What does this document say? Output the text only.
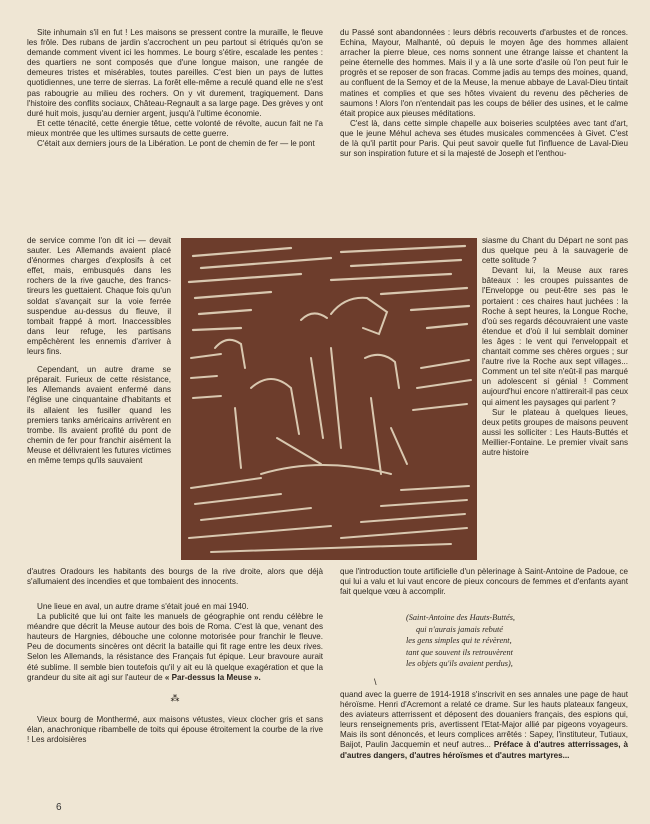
Site inhumain s'il en fut ! Les maisons se pressent contre la muraille, le fleuve les frôle. Des rubans de jardin s'accrochent un peu partout si étriqués qu'on se demande comment vivent ici les hommes. Le bourg s'étire, escalade les pentes : des quartiers ne sont composés que d'une longue maison, une rangée de demeures tristes et misérables, toutes pareilles. C'est bien un pays de luttes quotidiennes, une terre de sierras. La forêt elle-même a reculé quand elle ne s'est pas rabougrie au milieu des rochers. On y vit durement, tragiquement. Dans l'histoire des conflits sociaux, Château-Regnault a sa large page. Des grèves y ont duré huit mois, jusqu'au dernier argent, jusqu'à l'ultime économie.

Et cette ténacité, cette énergie têtue, cette volonté de révolte, aucun fait ne l'a mieux montrée que les ultimes sursauts de cette guerre.

C'était aux derniers jours de la Libération. Le pont de chemin de fer — le pont

du Passé sont abandonnées : leurs débris recouverts d'arbustes et de ronces. Echina, Mayour, Malhanté, où depuis le moyen âge des hommes allaient arracher la pierre bleue, ces noms sonnent une étrange laisse et chantent la peine éternelle des hommes. Mais il y a là une sorte d'asile où l'on peut fuir le progrès et se reposer de son fracas. Comme jadis au temps des moines, quand, au confluent de la Semoy et de la Meuse, la menue abbaye de Laval-Dieu tintait matines et complies et que ses hôtes vivaient du revenu des pêcheries de saumons ! Alors l'on n'entendait pas les coups de bélier des usines, et le calme était propice aux pieuses méditations.

C'est là, dans cette simple chapelle aux boiseries sculptées avec tant d'art, que le jeune Méhul acheva ses études musicales commencées à Givet. C'est de là qu'il partit pour Paris. Qui peut savoir quelle fut l'influence de Laval-Dieu sur son inspiration future et si la majesté de Joseph et l'enthou-

de service comme l'on dit ici — devait sauter. Les Allemands avaient placé d'énormes charges d'explosifs à cet effet, mais, embusqués dans les rochers de la rive gauche, des francs-tireurs les guettaient. Chaque fois qu'un soldat s'avançait sur la voie ferrée suspendue au-dessus du fleuve, il tombait frappé à mort. Inaccessibles dans leur refuge, les partisans empêchèrent les ennemis d'arriver à leurs fins.

Cependant, un autre drame se préparait. Furieux de cette résistance, les Allemands avaient enfermé dans l'église une cinquantaine d'habitants et ils allaient les fusiller quand les premiers tanks américains arrivèrent en trombe. Ils avaient profité du pont de chemin de fer pour franchir aisément la Meuse et délivraient les futures victimes en même temps qu'ils sauvaient

siasme du Chant du Départ ne sont pas dus quelque peu à la sauvagerie de cette solitude ?

Devant lui, la Meuse aux rares bâteaux : les croupes puissantes de l'Envelopge ou peut-être ses pas le portaient : ces chaires haut juchées : la Roche à sept heures, la Longue Roche, d'où ses regards découvraient une vaste étendue et d'où il lui semblait dominer les âges : le vent qui l'enveloppait et chantait comme ses chères orgues ; sur l'autre rive la Roche aux sept villages... Comment un tel site n'eût-il pas marqué un adolescent si génial ! Comment aujourd'hui encore n'attirerait-il pas ceux qui aiment les paysages qui parlent ?

Sur le plateau à quelques lieues, deux petits groupes de maisons peuvent aussi les solliciter : Les Hauts-Buttés et Meillier-Fontaine. Le premier vivait sans autre histoire

d'autres Oradours les habitants des bourgs de la rive droite, alors que déjà s'allumaient des incendies et que tombaient des innocents.

que l'introduction toute artificielle d'un pèlerinage à Saint-Antoine de Padoue, ce qui lui a valu et lui vaut encore de pieux concours de femmes et d'enfants ayant fait quelque vœu à accomplir.

Une lieue en aval, un autre drame s'était joué en mai 1940.

La publicité que lui ont faite les manuels de géographie ont rendu célèbre le méandre que décrit la Meuse autour des bois de Roma. C'est là que, venant des hauteurs de Hargnies, débouche une colonne motorisée pour franchir le fleuve. Peu de documents sincères ont décrit la bataille qui fit rage entre les deux rives. Selon les Allemands, la résistance des Français fut épique. Leur bravoure aurait été sublime. Il semble bien toutefois qu'il y ait eu là quelque exagération et que la grandeur du site ait agi sur l'auteur de « Par-dessus la Meuse ».

⁂

Vieux bourg de Monthermé, aux maisons vétustes, vieux clocher gris et sans élan, anachronique ribambelle de toits qui épouse étroitement la courbe de la rive ! Les ardoisières

(Saint-Antoine des Hauts-Buttés,
qui n'aurais jamais rebuté
les gens simples qui te révèrent,
tant que souvent ils retrouvèrent
les objets qu'ils avaient perdus),

quand avec la guerre de 1914-1918 s'inscrivit en ses annales une page de haut héroïsme. Henri d'Acremont a relaté ce drame. Sur les hauts plateaux fangeux, des aviateurs atterrissent et déposent des douaniers français, des espions qui, leurs renseignements pris, avertissent l'Etat-Major allié par pigeons voyageurs. Mais ils sont dénoncés, et leurs complices arrêtés : Sapey, l'instituteur, Tutiaux, Baijot, Paulin Jacquemin et neuf autres... Préface à d'autres atterrissages, à d'autres dangers, d'autres héroïsmes et d'autres martyres...

\
6
